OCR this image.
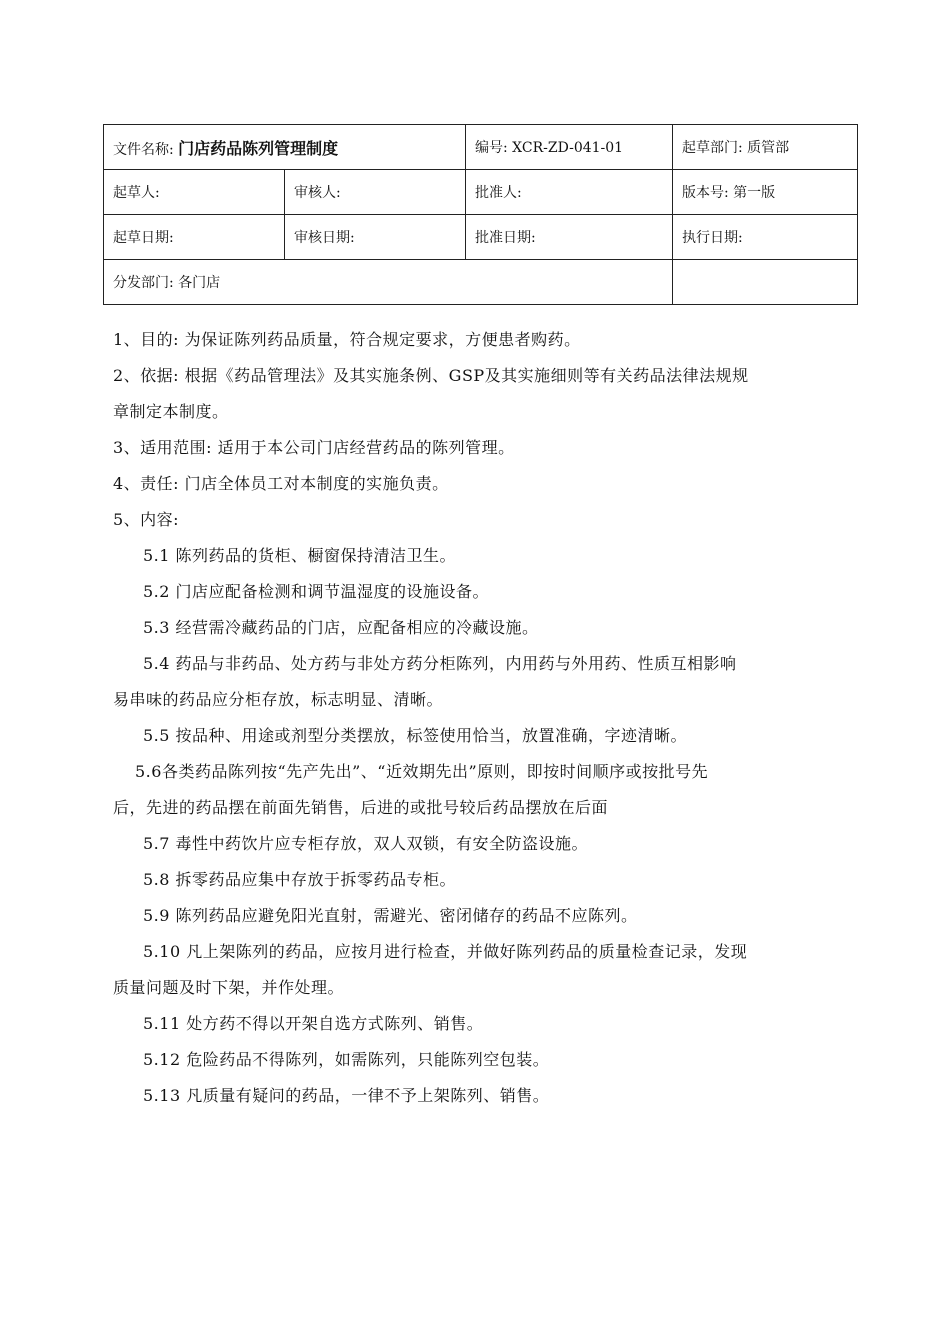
文件名称: 门店药品陈列管理制度		编号: XCR-ZD-041-01	起草部门: 质管部
起草人:	审核人:	批准人:	版本号: 第一版
起草日期:	审核日期:	批准日期:	执行日期:
分发部门: 各门店			

1、目的: 为保证陈列药品质量，符合规定要求，方便患者购药。

2、依据: 根据《药品管理法》及其实施条例、GSP及其实施细则等有关药品法律法规规

章制定本制度。

3、适用范围: 适用于本公司门店经营药品的陈列管理。

4、责任: 门店全体员工对本制度的实施负责。

5、内容:

5.1 陈列药品的货柜、橱窗保持清洁卫生。

5.2 门店应配备检测和调节温湿度的设施设备。

5.3 经营需冷藏药品的门店，应配备相应的冷藏设施。

5.4 药品与非药品、处方药与非处方药分柜陈列，内用药与外用药、性质互相影响

易串味的药品应分柜存放，标志明显、清晰。

5.5 按品种、用途或剂型分类摆放，标签使用恰当，放置准确，字迹清晰。

5.6各类药品陈列按“先产先出”、“近效期先出”原则，即按时间顺序或按批号先

后，先进的药品摆在前面先销售，后进的或批号较后药品摆放在后面

5.7 毒性中药饮片应专柜存放，双人双锁，有安全防盗设施。

5.8 拆零药品应集中存放于拆零药品专柜。

5.9 陈列药品应避免阳光直射，需避光、密闭储存的药品不应陈列。

5.10 凡上架陈列的药品，应按月进行检查，并做好陈列药品的质量检查记录，发现

质量问题及时下架，并作处理。

5.11 处方药不得以开架自选方式陈列、销售。

5.12 危险药品不得陈列，如需陈列，只能陈列空包装。

5.13 凡质量有疑问的药品，一律不予上架陈列、销售。
